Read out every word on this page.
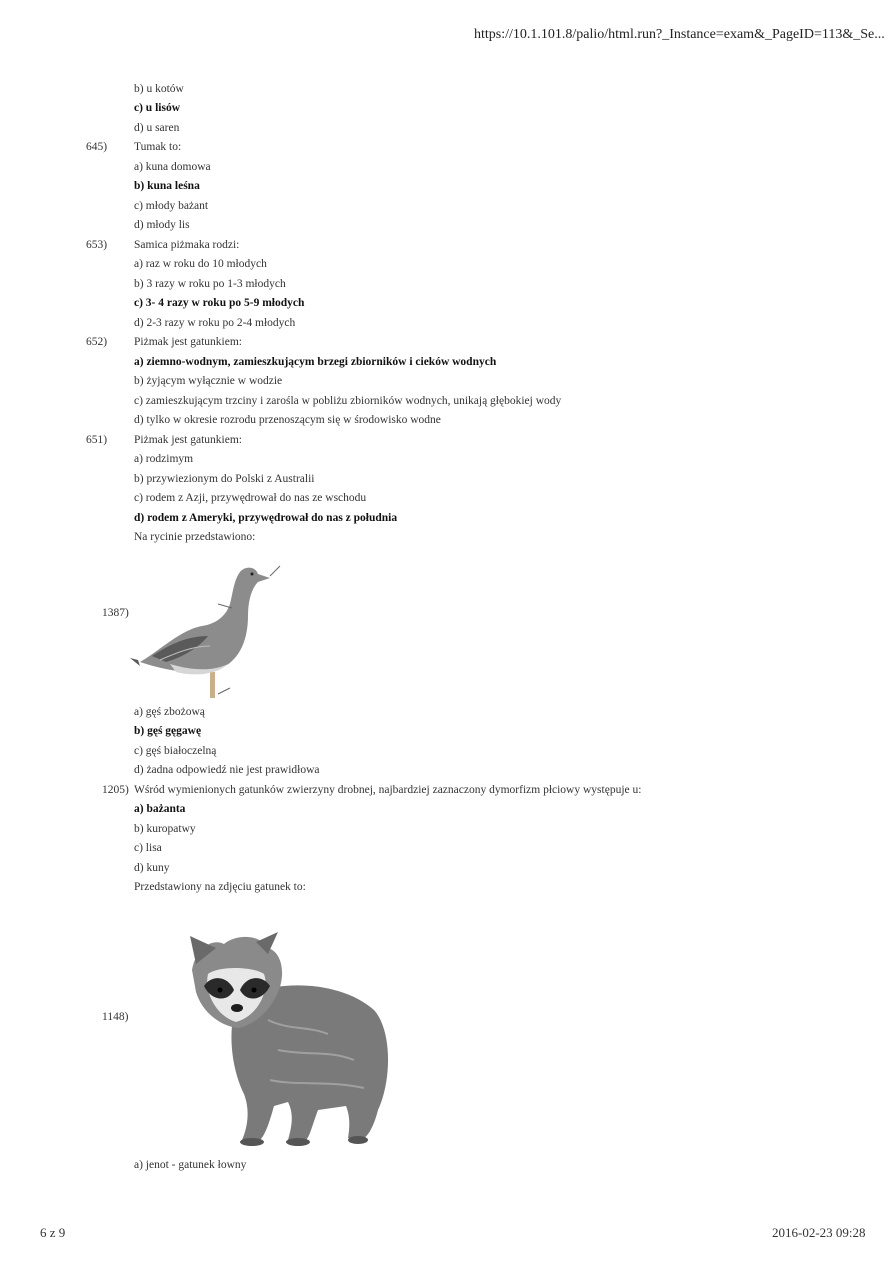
https://10.1.101.8/palio/html.run?_Instance=exam&_PageID=113&_Se...
b) u kotów
c) u lisów
d) u saren
645) Tumak to:
a) kuna domowa
b) kuna leśna
c) młody bażant
d) młody lis
653) Samica piżmaka rodzi:
a) raz w roku do 10 młodych
b) 3 razy w roku po 1-3 młodych
c) 3- 4 razy w roku po 5-9 młodych
d) 2-3 razy w roku po 2-4 młodych
652) Piżmak jest gatunkiem:
a) ziemno-wodnym, zamieszkującym brzegi zbiorników i cieków wodnych
b) żyjącym wyłącznie w wodzie
c) zamieszkującym trzciny i zarośla w pobliżu zbiorników wodnych, unikają głębokiej wody
d) tylko w okresie rozrodu przenoszącym się w środowisko wodne
651) Piżmak jest gatunkiem:
a) rodzimym
b) przywiezionym do Polski z Australii
c) rodem z Azji, przywędrował do nas ze wschodu
d) rodem z Ameryki, przywędrował do nas z południa
Na rycinie przedstawiono:
1387)
a) gęś zbożową
b) gęś gęgawę
c) gęś białoczelną
d) żadna odpowiedź nie jest prawidłowa
1205) Wśród wymienionych gatunków zwierzyny drobnej, najbardziej zaznaczony dymorfizm płciowy występuje u:
a) bażanta
b) kuropatwy
c) lisa
d) kuny
Przedstawiony na zdjęciu gatunek to:
1148)
a) jenot - gatunek łowny
6 z 9	2016-02-23 09:28
